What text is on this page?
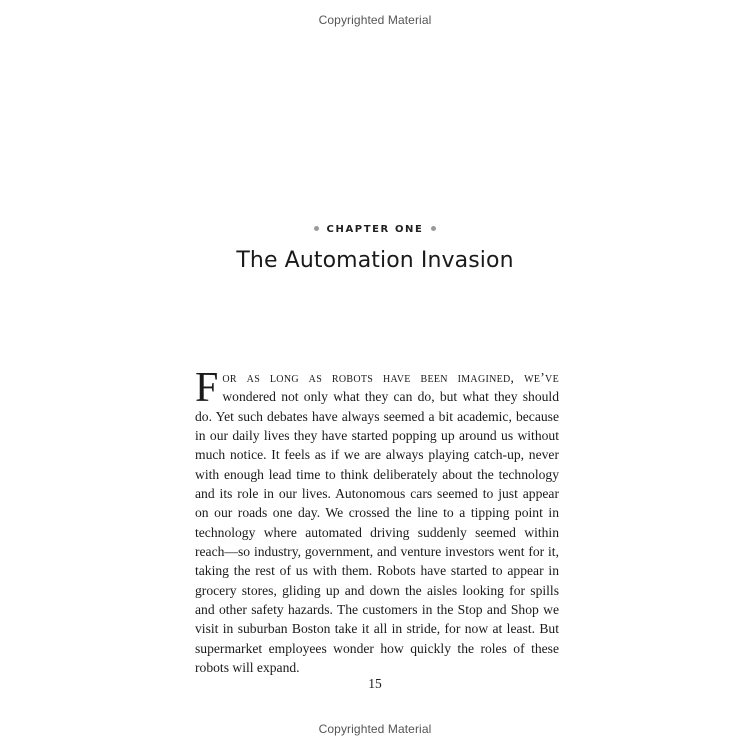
Copyrighted Material
CHAPTER ONE
The Automation Invasion
For as long as robots have been imagined, we’ve wondered not only what they can do, but what they should do. Yet such debates have always seemed a bit academic, because in our daily lives they have started popping up around us without much notice. It feels as if we are always playing catch-up, never with enough lead time to think deliberately about the technology and its role in our lives. Autonomous cars seemed to just appear on our roads one day. We crossed the line to a tipping point in technology where automated driving suddenly seemed within reach—so industry, government, and venture investors went for it, taking the rest of us with them. Robots have started to appear in grocery stores, gliding up and down the aisles looking for spills and other safety hazards. The customers in the Stop and Shop we visit in suburban Boston take it all in stride, for now at least. But supermarket employees wonder how quickly the roles of these robots will expand.
15
Copyrighted Material
